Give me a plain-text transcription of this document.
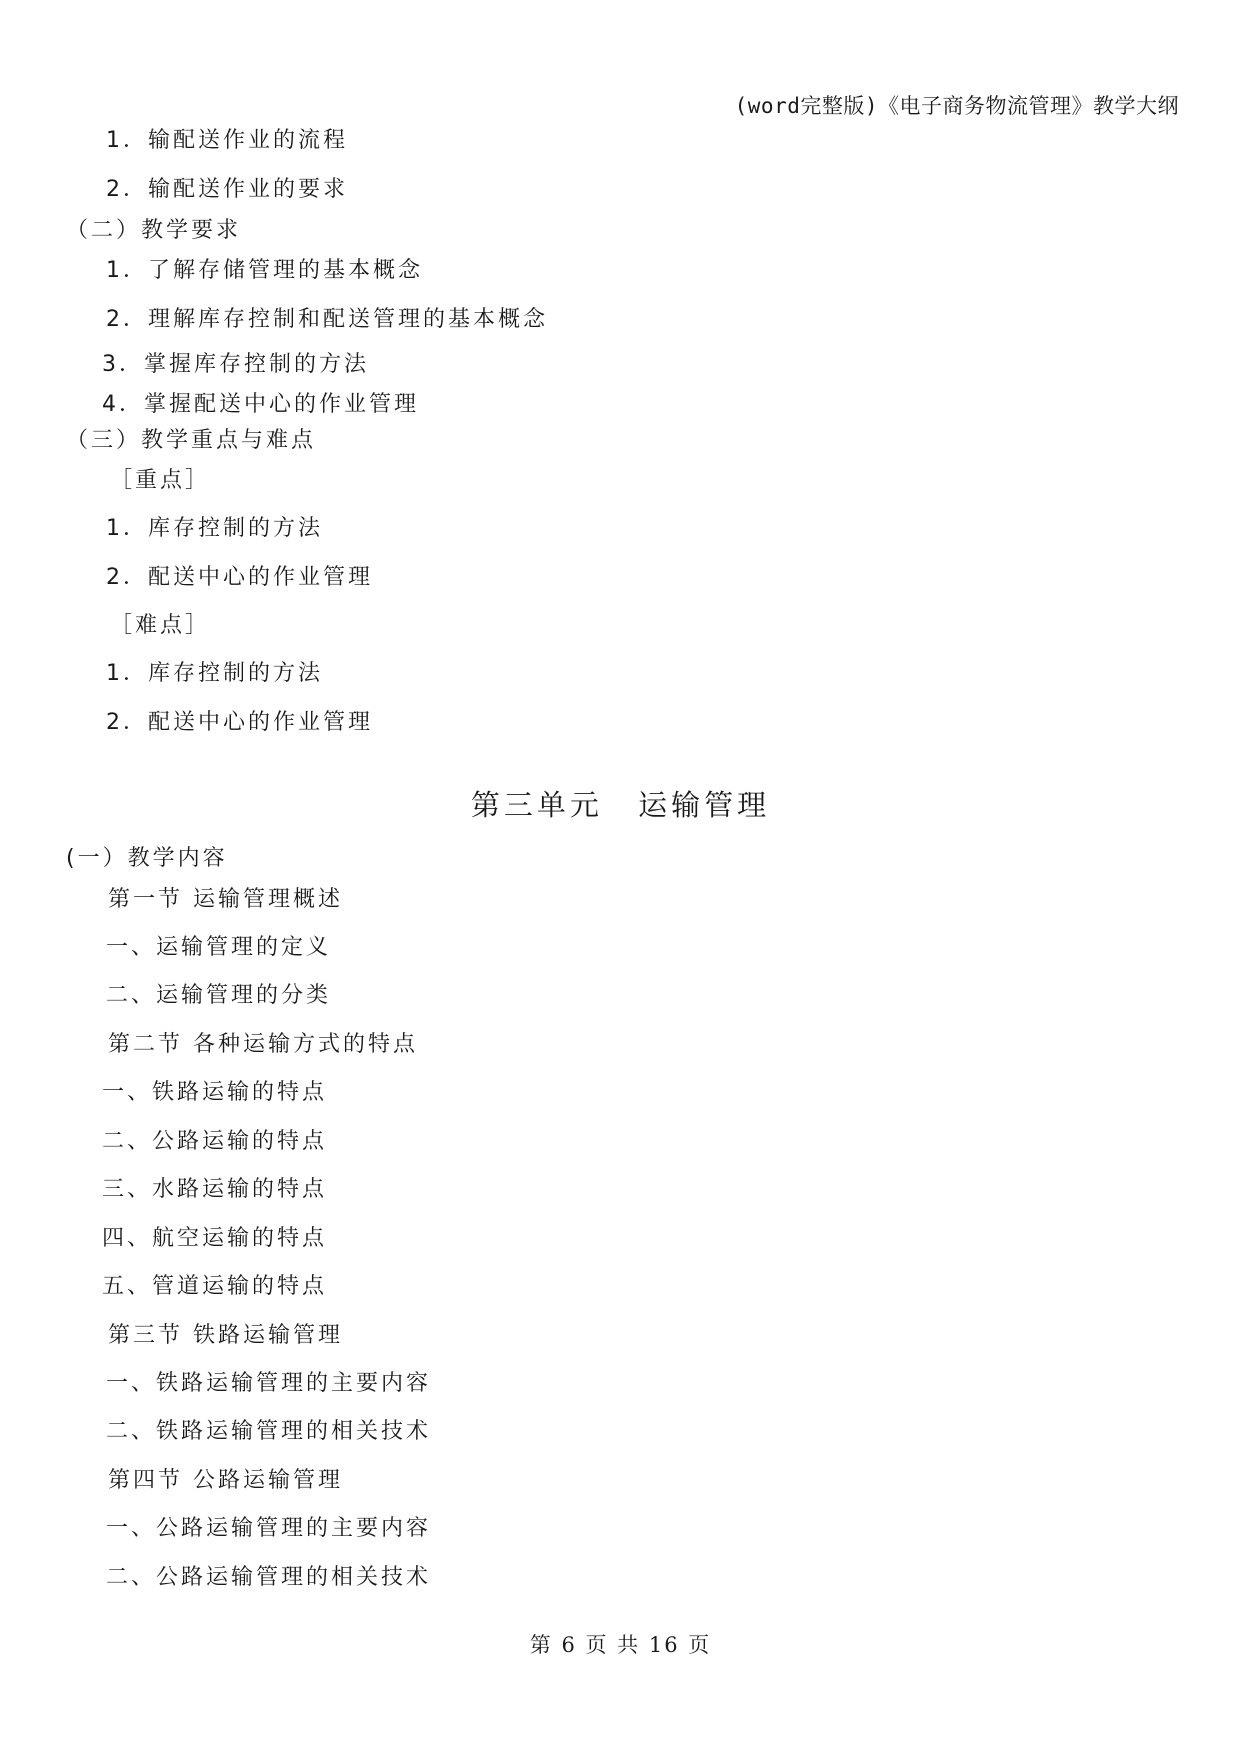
(word完整版)《电子商务物流管理》教学大纲
1．输配送作业的流程
2．输配送作业的要求
（二）教学要求
1．了解存储管理的基本概念
2．理解库存控制和配送管理的基本概念
3．掌握库存控制的方法
4．掌握配送中心的作业管理
（三）教学重点与难点
［重点］
1．库存控制的方法
2．配送中心的作业管理
［难点］
1．库存控制的方法
2．配送中心的作业管理
第三单元 运输管理
(一）教学内容
第一节 运输管理概述
一、运输管理的定义
二、运输管理的分类
第二节 各种运输方式的特点
一、铁路运输的特点
二、公路运输的特点
三、水路运输的特点
四、航空运输的特点
五、管道运输的特点
第三节 铁路运输管理
一、铁路运输管理的主要内容
二、铁路运输管理的相关技术
第四节 公路运输管理
一、公路运输管理的主要内容
二、公路运输管理的相关技术
第 6 页 共 16 页
